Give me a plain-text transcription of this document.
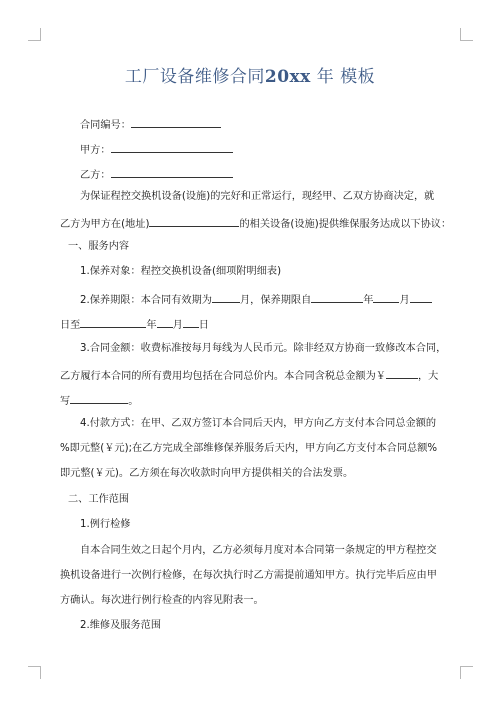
工厂设备维修合同20xx 年 模板
合同编号：
甲方：
乙方：
为保证程控交换机设备(设施)的完好和正常运行，现经甲、乙双方协商决定，就
乙方为甲方在(地址)	的相关设备(设施)提供维保服务达成以下协议：
一、服务内容
1.保养对象：程控交换机设备(细项附明细表)
2.保养期限：本合同有效期为	月，保养期限自	年	月
日至	年 月 日
3.合同金额：收费标准按每月每线为人民币元。除非经双方协商一致修改本合同，
乙方履行本合同的所有费用均包括在合同总价内。本合同含税总金额为￥	，大
写	。
4.付款方式：在甲、乙双方签订本合同后天内，甲方向乙方支付本合同总金额的
%即元整(￥元);在乙方完成全部维修保养服务后天内，甲方向乙方支付本合同总额%
即元整(￥元)。乙方须在每次收款时向甲方提供相关的合法发票。
二、工作范围
1.例行检修
自本合同生效之日起个月内，乙方必须每月度对本合同第一条规定的甲方程控交
换机设备进行一次例行检修，在每次执行时乙方需提前通知甲方。执行完毕后应由甲
方确认。每次进行例行检查的内容见附表一。
2.维修及服务范围
